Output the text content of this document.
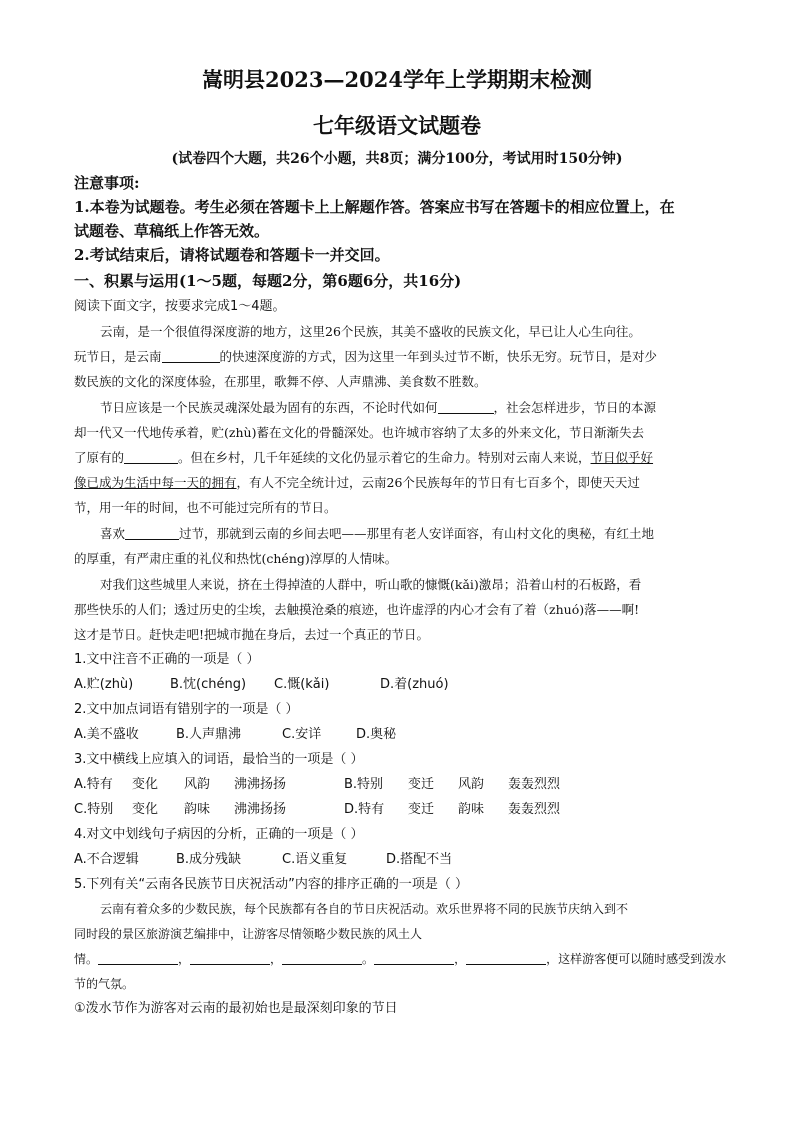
嵩明县2023—2024学年上学期期末检测
七年级语文试题卷
(试卷四个大题，共26个小题，共8页；满分100分，考试用时150分钟)
注意事项:
1.本卷为试题卷。考生必须在答题卡上上解题作答。答案应书写在答题卡的相应位置上，在
试题卷、草稿纸上作答无效。
2.考试结束后，请将试题卷和答题卡一并交回。
一、积累与运用(1～5题，每题2分，第6题6分，共16分)
阅读下面文字，按要求完成1～4题。
云南，是一个很值得深度游的地方，这里26个民族，其美不盛收的民族文化，早已让人心生向往。
玩节日，是云南	的快速深度游的方式，因为这里一年到头过节不断，快乐无穷。玩节日，是对少
数民族的文化的深度体验，在那里，歌舞不停、人声鼎沸、美食数不胜数。
节日应该是一个民族灵魂深处最为固有的东西，不论时代如何	，社会怎样进步，节日的本源
却一代又一代地传承着，贮(zhù)蓄在文化的骨髓深处。也许城市容纳了太多的外来文化，节日渐渐失去
了原有的	。但在乡村，几千年延续的文化仍显示着它的生命力。特别对云南人来说，节日似乎好
像已成为生活中每一天的拥有，有人不完全统计过，云南26个民族每年的节日有七百多个，即使天天过
节，用一年的时间，也不可能过完所有的节日。
喜欢	过节，那就到云南的乡间去吧——那里有老人安详面容，有山村文化的奥秘，有红土地
的厚重，有严肃庄重的礼仪和热忱(chéng)淳厚的人情味。
对我们这些城里人来说，挤在土得掉渣的人群中，听山歌的慷慨(kǎi)激昂；沿着山村的石板路，看
那些快乐的人们；透过历史的尘埃，去触摸沧桑的痕迹，也许虚浮的内心才会有了着（zhuó)落——啊!
这才是节日。赶快走吧!把城市抛在身后，去过一个真正的节日。
1.文中注音不正确的一项是（ ）
A.贮(zhù)	B.忱(chéng) C.慨(kǎi)	D.着(zhuó)
2.文中加点词语有错别字的一项是（ ）
A.美不盛收	B.人声鼎沸	C.安详	D.奥秘
3.文中横线上应填入的词语，最恰当的一项是（ ）
A.特有 变化 风韵 沸沸扬扬	B.特别 变迁 风韵 轰轰烈烈
C.特别 变化 韵味 沸沸扬扬	D.特有 变迁 韵味 轰轰烈烈
4.对文中划线句子病因的分析，正确的一项是（ ）
A.不合逻辑	B.成分残缺	C.语义重复	D.搭配不当
5.下列有关“云南各民族节日庆祝活动”内容的排序正确的一项是（ ）
云南有着众多的少数民族，每个民族都有各自的节日庆祝活动。欢乐世界将不同的民族节庆纳入到不
同时段的景区旅游演艺编排中，让游客尽情领略少数民族的风土人
情。	，	，	。	，	，这样游客便可以随时感受到泼水
节的气氛。
①泼水节作为游客对云南的最初始也是最深刻印象的节日
